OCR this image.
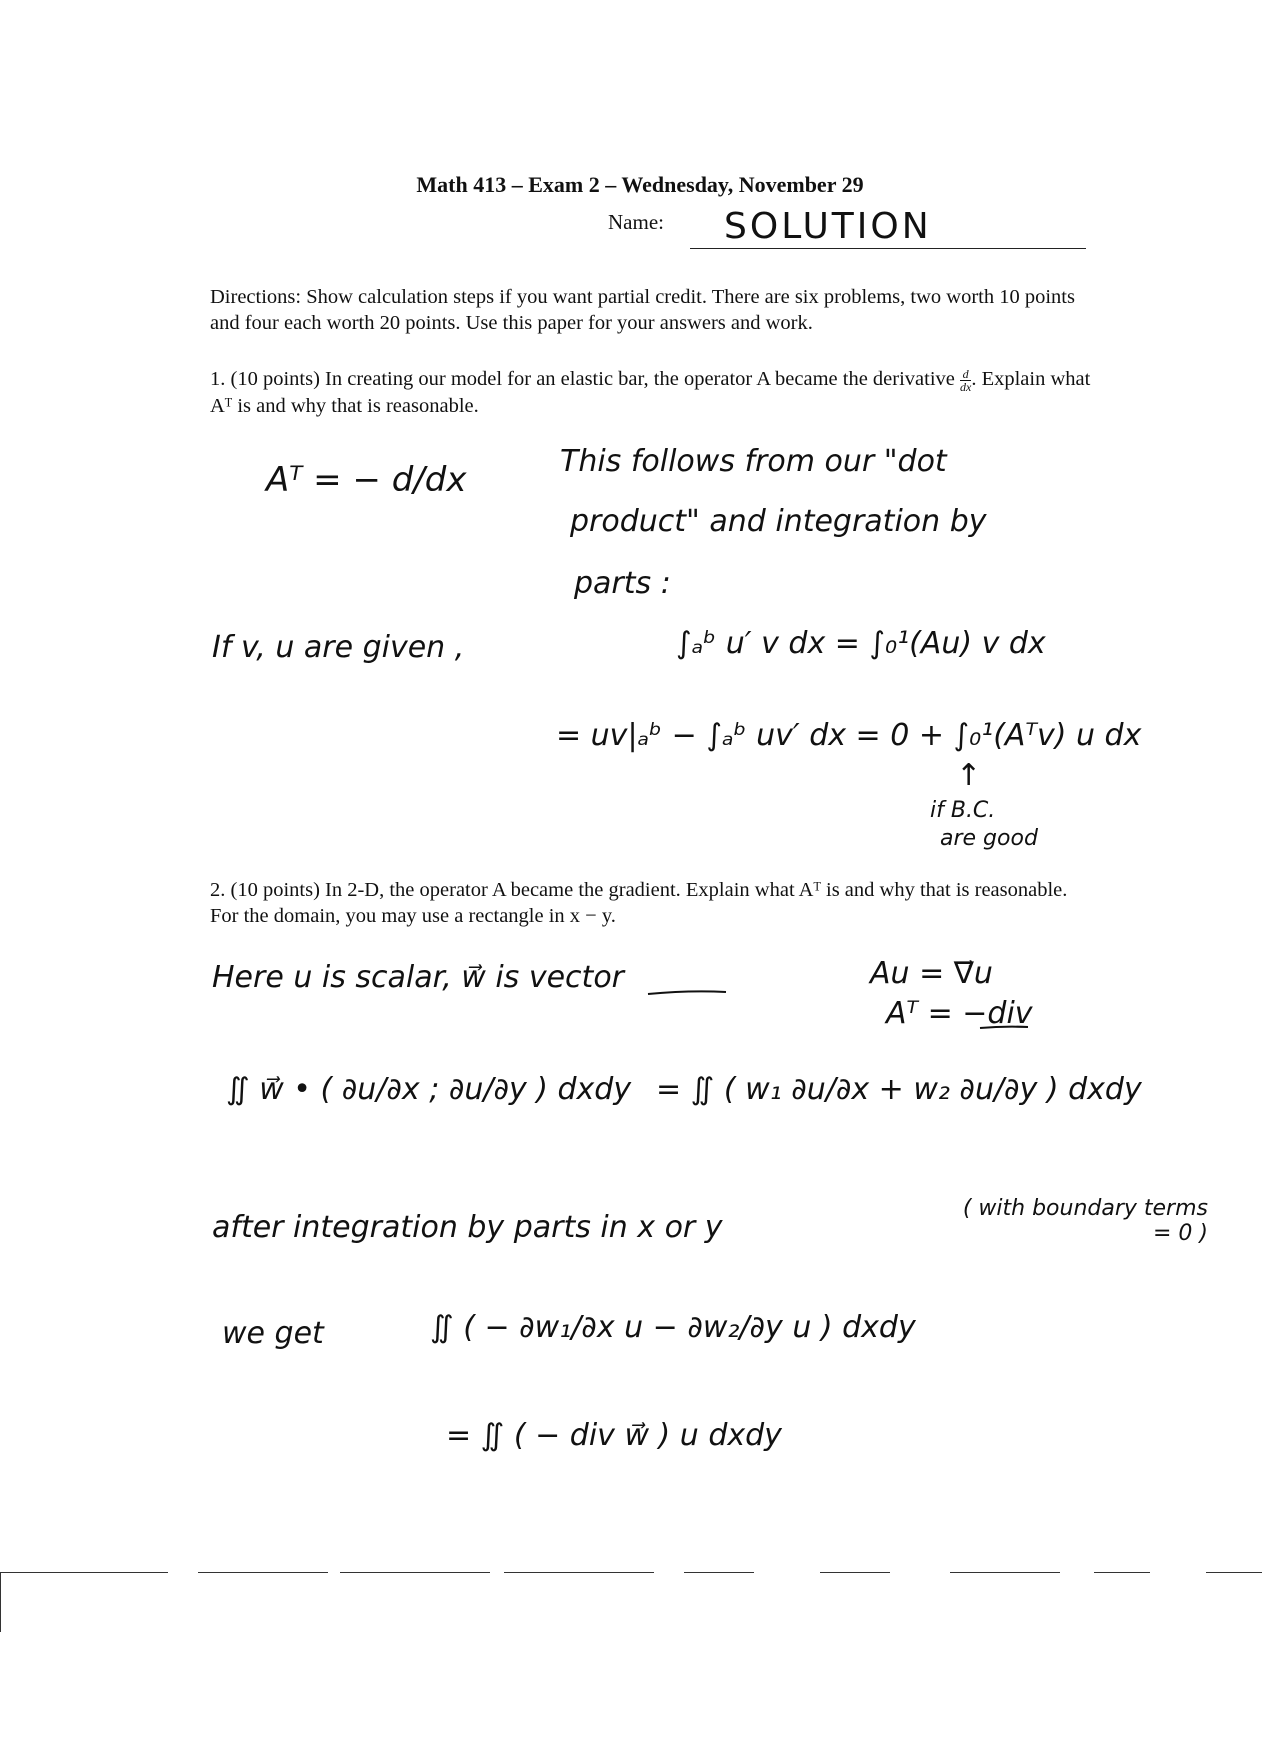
Math 413 – Exam 2 – Wednesday, November 29
Name: SOLUTION
Directions: Show calculation steps if you want partial credit. There are six problems, two worth 10 points and four each worth 20 points. Use this paper for your answers and work.
1. (10 points) In creating our model for an elastic bar, the operator A became the derivative $\frac{d}{dx}$ . Explain what Aᵀ is and why that is reasonable.
Aᵀ = − d/dx	This follows from our "dot
product" and integration by
parts :
If v, u are given ,	∫ₐᵇ u′ v dx = ∫₀¹(Au) v dx
= uv|ₐᵇ − ∫ₐᵇ uv′ dx = 0 + ∫₀¹(Aᵀv) u dx
↑
if B.C.
are good
2. (10 points) In 2-D, the operator A became the gradient. Explain what Aᵀ is and why that is reasonable. For the domain, you may use a rectangle in x − y.
Here u is scalar, w⃗ is vector	Au = ∇⃗u
Aᵀ = −div
∬ w⃗ • ( ∂u/∂x ; ∂u/∂y ) dxdy = ∬ ( w₁ ∂u/∂x + w₂ ∂u/∂y ) dxdy
after integration by parts in x or y
( with boundary terms = 0 )
we get	∬ ( − ∂w₁/∂x u − ∂w₂/∂y u ) dxdy
= ∬ ( − div w⃗ ) u dxdy
